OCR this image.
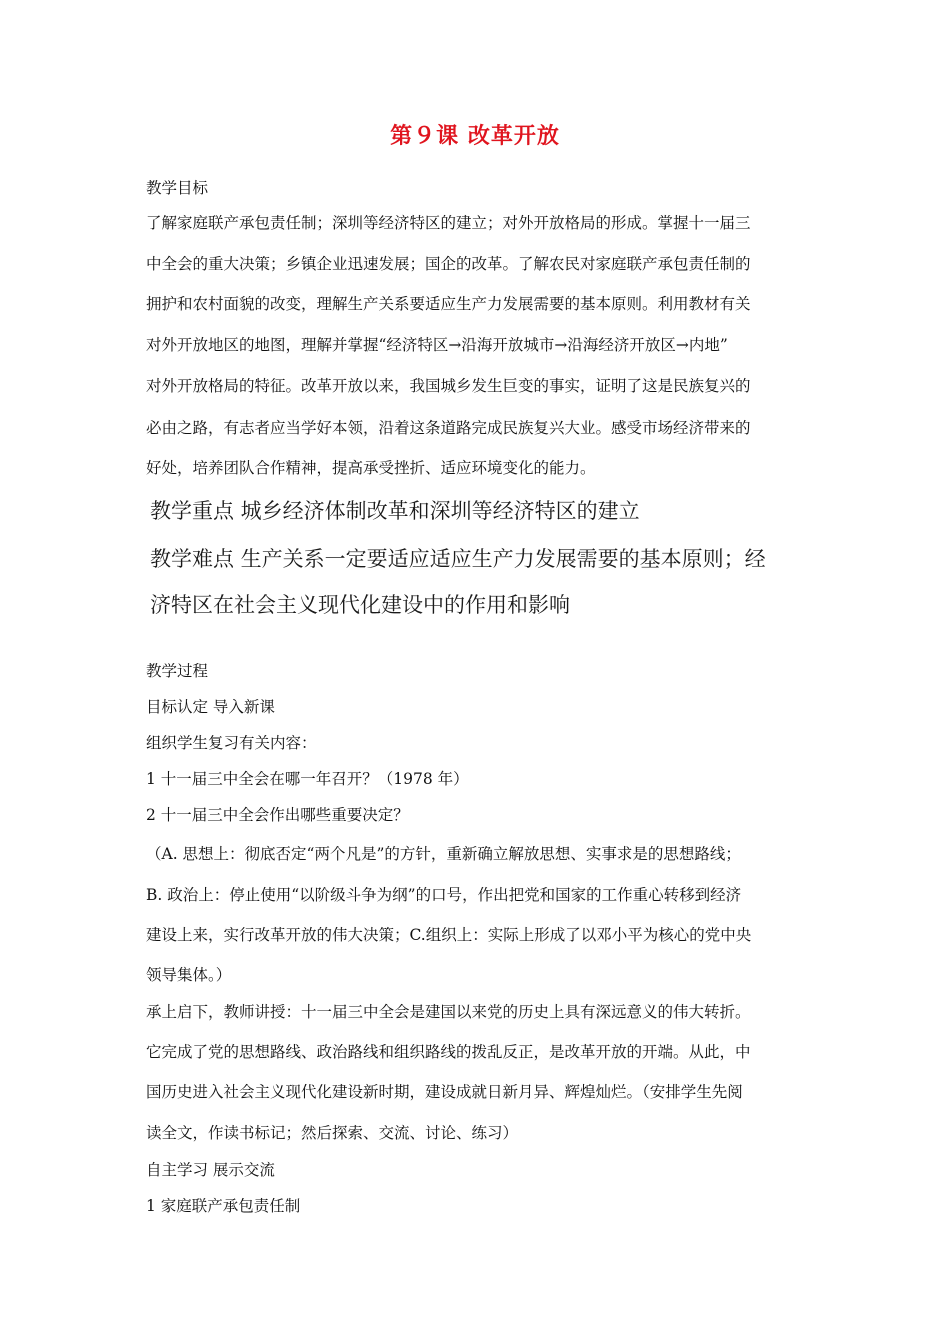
第９课 改革开放
教学目标
了解家庭联产承包责任制；深圳等经济特区的建立；对外开放格局的形成。掌握十一届三
中全会的重大决策；乡镇企业迅速发展；国企的改革。了解农民对家庭联产承包责任制的
拥护和农村面貌的改变，理解生产关系要适应生产力发展需要的基本原则。利用教材有关
对外开放地区的地图，理解并掌握“经济特区→沿海开放城市→沿海经济开放区→内地”
对外开放格局的特征。改革开放以来，我国城乡发生巨变的事实，证明了这是民族复兴的
必由之路，有志者应当学好本领，沿着这条道路完成民族复兴大业。感受市场经济带来的
好处，培养团队合作精神，提高承受挫折、适应环境变化的能力。
教学重点 城乡经济体制改革和深圳等经济特区的建立
教学难点 生产关系一定要适应适应生产力发展需要的基本原则；经
济特区在社会主义现代化建设中的作用和影响
教学过程
目标认定 导入新课
组织学生复习有关内容：
1 十一届三中全会在哪一年召开？（1978 年）
2 十一届三中全会作出哪些重要决定？
（A. 思想上：彻底否定“两个凡是”的方针，重新确立解放思想、实事求是的思想路线；
B. 政治上：停止使用“以阶级斗争为纲”的口号，作出把党和国家的工作重心转移到经济
建设上来，实行改革开放的伟大决策；C.组织上：实际上形成了以邓小平为核心的党中央
领导集体。）
承上启下，教师讲授：十一届三中全会是建国以来党的历史上具有深远意义的伟大转折。
它完成了党的思想路线、政治路线和组织路线的拨乱反正，是改革开放的开端。从此，中
国历史进入社会主义现代化建设新时期，建设成就日新月异、辉煌灿烂。（安排学生先阅
读全文，作读书标记；然后探索、交流、讨论、练习）
自主学习 展示交流
1 家庭联产承包责任制
